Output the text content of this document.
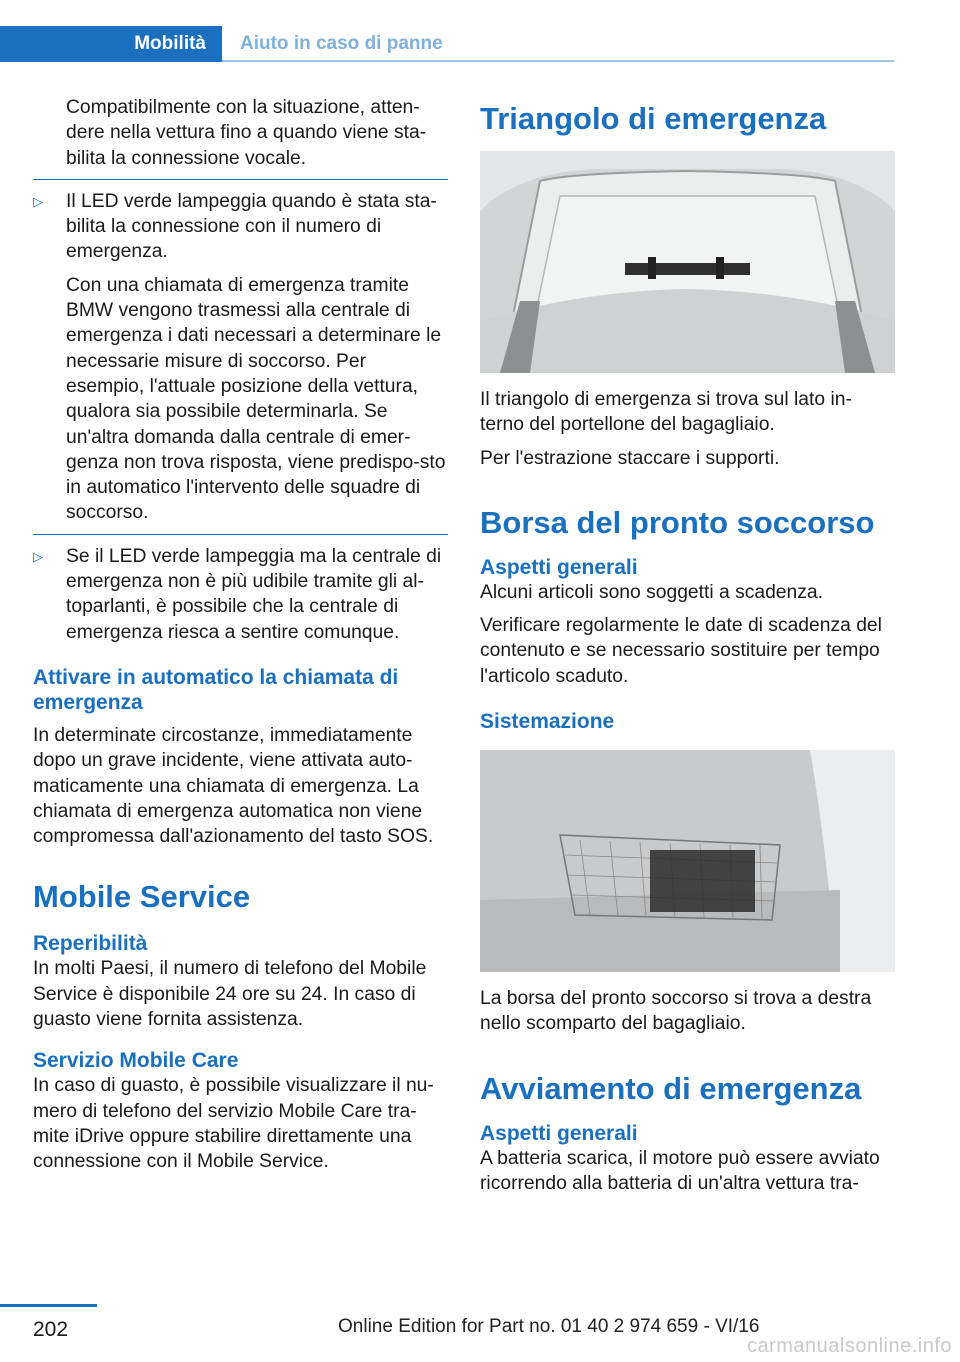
Mobilità Aiuto in caso di panne

Compatibilmente con la situazione, atten-dere nella vettura fino a quando viene sta-bilita la connessione vocale.

▷ Il LED verde lampeggia quando è stata sta-bilita la connessione con il numero di emergenza.

Con una chiamata di emergenza tramite BMW vengono trasmessi alla centrale di emergenza i dati necessari a determinare le necessarie misure di soccorso. Per esempio, l'attuale posizione della vettura, qualora sia possibile determinarla. Se un'altra domanda dalla centrale di emer-genza non trova risposta, viene predispo-sto in automatico l'intervento delle squadre di soccorso.

▷ Se il LED verde lampeggia ma la centrale di emergenza non è più udibile tramite gli al-toparlanti, è possibile che la centrale di emergenza riesca a sentire comunque.
Attivare in automatico la chiamata di emergenza

In determinate circostanze, immediatamente dopo un grave incidente, viene attivata auto-maticamente una chiamata di emergenza. La chiamata di emergenza automatica non viene compromessa dall'azionamento del tasto SOS.

Mobile Service
Reperibilità

In molti Paesi, il numero di telefono del Mobile Service è disponibile 24 ore su 24. In caso di guasto viene fornita assistenza.

Servizio Mobile Care

In caso di guasto, è possibile visualizzare il nu-mero di telefono del servizio Mobile Care tra-mite iDrive oppure stabilire direttamente una connessione con il Mobile Service.

Triangolo di emergenza

Il triangolo di emergenza si trova sul lato in-terno del portellone del bagagliaio.

Per l'estrazione staccare i supporti.

Borsa del pronto soccorso
Aspetti generali

Alcuni articoli sono soggetti a scadenza.

Verificare regolarmente le date di scadenza del contenuto e se necessario sostituire per tempo l'articolo scaduto.

Sistemazione

La borsa del pronto soccorso si trova a destra nello scomparto del bagagliaio.

Avviamento di emergenza
Aspetti generali

A batteria scarica, il motore può essere avviato ricorrendo alla batteria di un'altra vettura tra-

202	Online Edition for Part no. 01 40 2 974 659 - VI/16
carmanualsonline.info
